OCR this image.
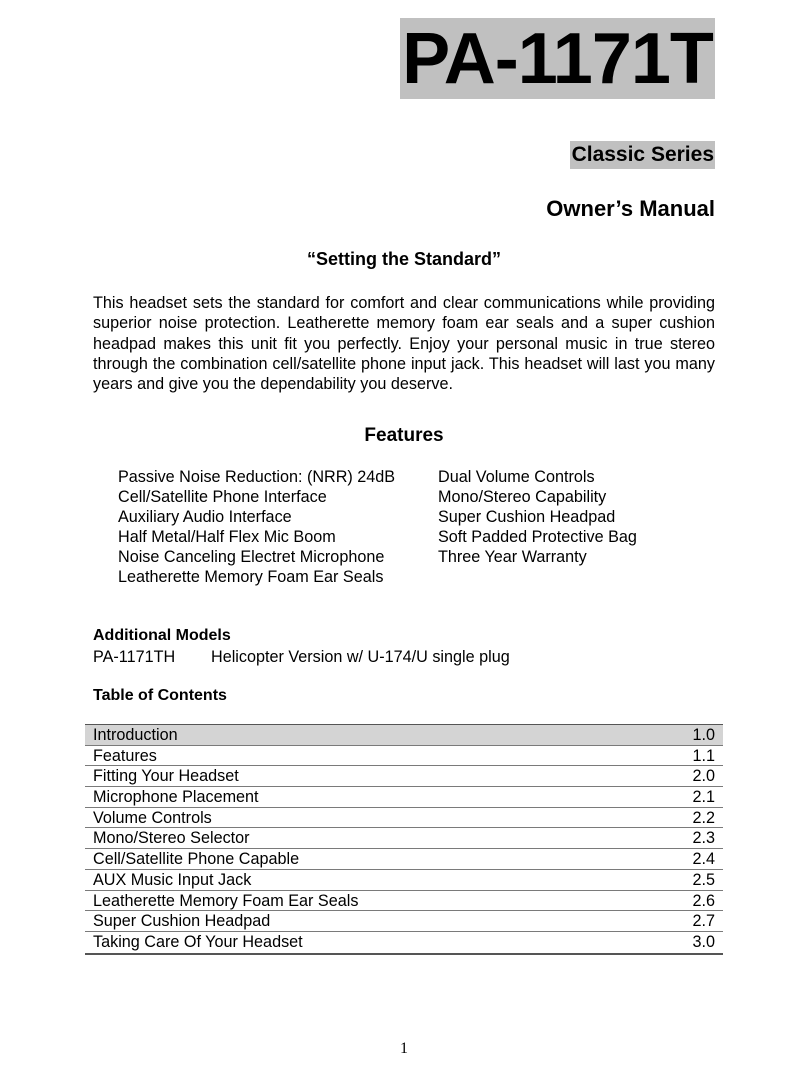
PA-1171T
Classic Series
Owner’s Manual
“Setting the Standard”
This headset sets the standard for comfort and clear communications while providing superior noise protection. Leatherette memory foam ear seals and a super cushion headpad makes this unit fit you perfectly. Enjoy your personal music in true stereo through the combination cell/satellite phone input jack. This headset will last you many years and give you the dependability you deserve.
Features
Passive Noise Reduction: (NRR) 24dB
Cell/Satellite Phone Interface
Auxiliary Audio Interface
Half Metal/Half Flex Mic Boom
Noise Canceling Electret Microphone
Leatherette Memory Foam Ear Seals
Dual Volume Controls
Mono/Stereo Capability
Super Cushion Headpad
Soft Padded Protective Bag
Three Year Warranty
Additional Models
PA-1171TH Helicopter Version w/ U-174/U single plug
Table of Contents
Introduction	1.0
Features	1.1
Fitting Your Headset	2.0
Microphone Placement	2.1
Volume Controls	2.2
Mono/Stereo Selector	2.3
Cell/Satellite Phone Capable	2.4
AUX Music Input Jack	2.5
Leatherette Memory Foam Ear Seals	2.6
Super Cushion Headpad	2.7
Taking Care Of Your Headset	3.0
1
